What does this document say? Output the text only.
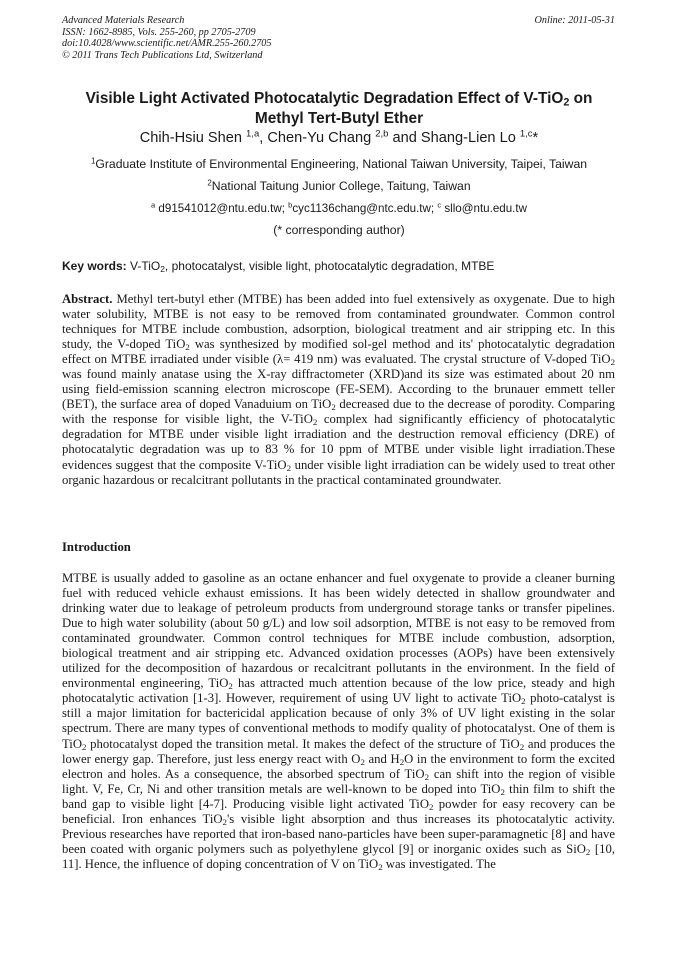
Advanced Materials Research
ISSN: 1662-8985, Vols. 255-260, pp 2705-2709
doi:10.4028/www.scientific.net/AMR.255-260.2705
© 2011 Trans Tech Publications Ltd, Switzerland
Online: 2011-05-31
Visible Light Activated Photocatalytic Degradation Effect of V-TiO$_2$ on
Methyl Tert-Butyl Ether
Chih-Hsiu Shen $^{1,a}$, Chen-Yu Chang $^{2,b}$ and Shang-Lien Lo $^{1,c}$*
$^1$Graduate Institute of Environmental Engineering, National Taiwan University, Taipei, Taiwan
$^2$National Taitung Junior College, Taitung, Taiwan
$^a$ d91541012@ntu.edu.tw; $^b$cyc1136chang@ntc.edu.tw; $^c$ sllo@ntu.edu.tw
(* corresponding author)
Key words: V-TiO$_2$, photocatalyst, visible light, photocatalytic degradation, MTBE
Abstract. Methyl tert-butyl ether (MTBE) has been added into fuel extensively as oxygenate. Due to high water solubility, MTBE is not easy to be removed from contaminated groundwater. Common control techniques for MTBE include combustion, adsorption, biological treatment and air stripping etc. In this study, the V-doped TiO$_2$ was synthesized by modified sol-gel method and its' photocatalytic degradation effect on MTBE irradiated under visible (λ= 419 nm) was evaluated. The crystal structure of V-doped TiO$_2$ was found mainly anatase using the X-ray diffractometer (XRD)and its size was estimated about 20 nm using field-emission scanning electron microscope (FE-SEM). According to the brunauer emmett teller (BET), the surface area of doped Vanaduium on TiO$_2$ decreased due to the decrease of porodity. Comparing with the response for visible light, the V-TiO$_2$ complex had significantly efficiency of photocatalytic degradation for MTBE under visible light irradiation and the destruction removal efficiency (DRE) of photocatalytic degradation was up to 83 % for 10 ppm of MTBE under visible light irradiation.These evidences suggest that the composite V-TiO$_2$ under visible light irradiation can be widely used to treat other organic hazardous or recalcitrant pollutants in the practical contaminated groundwater.
Introduction
MTBE is usually added to gasoline as an octane enhancer and fuel oxygenate to provide a cleaner burning fuel with reduced vehicle exhaust emissions. It has been widely detected in shallow groundwater and drinking water due to leakage of petroleum products from underground storage tanks or transfer pipelines. Due to high water solubility (about 50 g/L) and low soil adsorption, MTBE is not easy to be removed from contaminated groundwater. Common control techniques for MTBE include combustion, adsorption, biological treatment and air stripping etc. Advanced oxidation processes (AOPs) have been extensively utilized for the decomposition of hazardous or recalcitrant pollutants in the environment. In the field of environmental engineering, TiO$_2$ has attracted much attention because of the low price, steady and high photocatalytic activation [1-3]. However, requirement of using UV light to activate TiO$_2$ photo-catalyst is still a major limitation for bactericidal application because of only 3% of UV light existing in the solar spectrum. There are many types of conventional methods to modify quality of photocatalyst. One of them is TiO$_2$ photocatalyst doped the transition metal. It makes the defect of the structure of TiO$_2$ and produces the lower energy gap. Therefore, just less energy react with $O_2$ and $H_2O$ in the environment to form the excited electron and holes. As a consequence, the absorbed spectrum of TiO$_2$ can shift into the region of visible light. V, Fe, Cr, Ni and other transition metals are well-known to be doped into TiO$_2$ thin film to shift the band gap to visible light [4-7]. Producing visible light activated TiO$_2$ powder for easy recovery can be beneficial. Iron enhances TiO$_2$'s visible light absorption and thus increases its photocatalytic activity. Previous researches have reported that iron-based nano-particles have been super-paramagnetic [8] and have been coated with organic polymers such as polyethylene glycol [9] or inorganic oxides such as SiO$_2$ [10, 11]. Hence, the influence of doping concentration of V on TiO$_2$ was investigated. The
